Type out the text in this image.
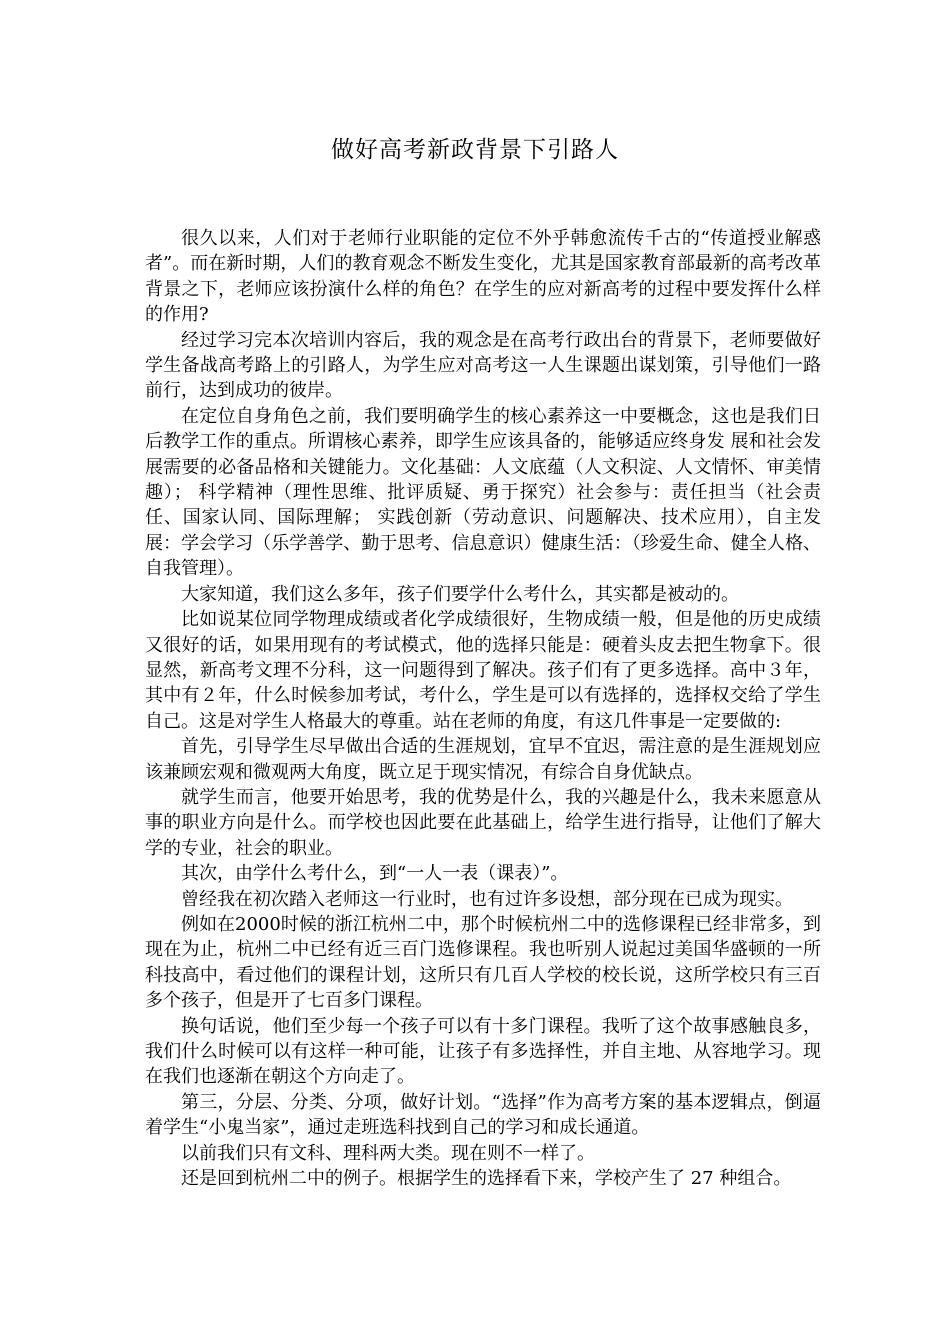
做好高考新政背景下引路人

很久以来，人们对于老师行业职能的定位不外乎韩愈流传千古的“传道授业解惑者”。而在新时期，人们的教育观念不断发生变化，尤其是国家教育部最新的高考改革背景之下，老师应该扮演什么样的角色？在学生的应对新高考的过程中要发挥什么样的作用?

经过学习完本次培训内容后，我的观念是在高考行政出台的背景下，老师要做好学生备战高考路上的引路人，为学生应对高考这一人生课题出谋划策，引导他们一路前行，达到成功的彼岸。

在定位自身角色之前，我们要明确学生的核心素养这一中要概念，这也是我们日后教学工作的重点。所谓核心素养，即学生应该具备的，能够适应终身发 展和社会发展需要的必备品格和关键能力。文化基础：人文底蕴（人文积淀、人文情怀、审美情趣）； 科学精神（理性思维、批评质疑、勇于探究）社会参与：责任担当（社会责任、国家认同、国际理解； 实践创新（劳动意识、问题解决、技术应用），自主发展：学会学习（乐学善学、勤于思考、信息意识）健康生活：（珍爱生命、健全人格、自我管理）。

大家知道，我们这么多年，孩子们要学什么考什么，其实都是被动的。

比如说某位同学物理成绩或者化学成绩很好，生物成绩一般，但是他的历史成绩又很好的话，如果用现有的考试模式，他的选择只能是：硬着头皮去把生物拿下。很显然，新高考文理不分科，这一问题得到了解决。孩子们有了更多选择。高中３年，其中有２年，什么时候参加考试，考什么，学生是可以有选择的，选择权交给了学生自己。这是对学生人格最大的尊重。站在老师的角度，有这几件事是一定要做的:

首先，引导学生尽早做出合适的生涯规划，宜早不宜迟，需注意的是生涯规划应该兼顾宏观和微观两大角度，既立足于现实情况，有综合自身优缺点。

就学生而言，他要开始思考，我的优势是什么，我的兴趣是什么，我未来愿意从事的职业方向是什么。而学校也因此要在此基础上，给学生进行指导，让他们了解大学的专业，社会的职业。

其次，由学什么考什么，到“一人一表（课表）”。

曾经我在初次踏入老师这一行业时，也有过许多设想，部分现在已成为现实。

例如在2000时候的浙江杭州二中，那个时候杭州二中的选修课程已经非常多，到现在为止，杭州二中已经有近三百门选修课程。我也听别人说起过美国华盛顿的一所科技高中，看过他们的课程计划，这所只有几百人学校的校长说，这所学校只有三百多个孩子，但是开了七百多门课程。

换句话说，他们至少每一个孩子可以有十多门课程。我听了这个故事感触良多，我们什么时候可以有这样一种可能，让孩子有多选择性，并自主地、从容地学习。现在我们也逐渐在朝这个方向走了。

第三，分层、分类、分项，做好计划。“选择”作为高考方案的基本逻辑点，倒逼着学生“小鬼当家”，通过走班选科找到自己的学习和成长通道。

以前我们只有文科、理科两大类。现在则不一样了。

还是回到杭州二中的例子。根据学生的选择看下来，学校产生了 27 种组合。
